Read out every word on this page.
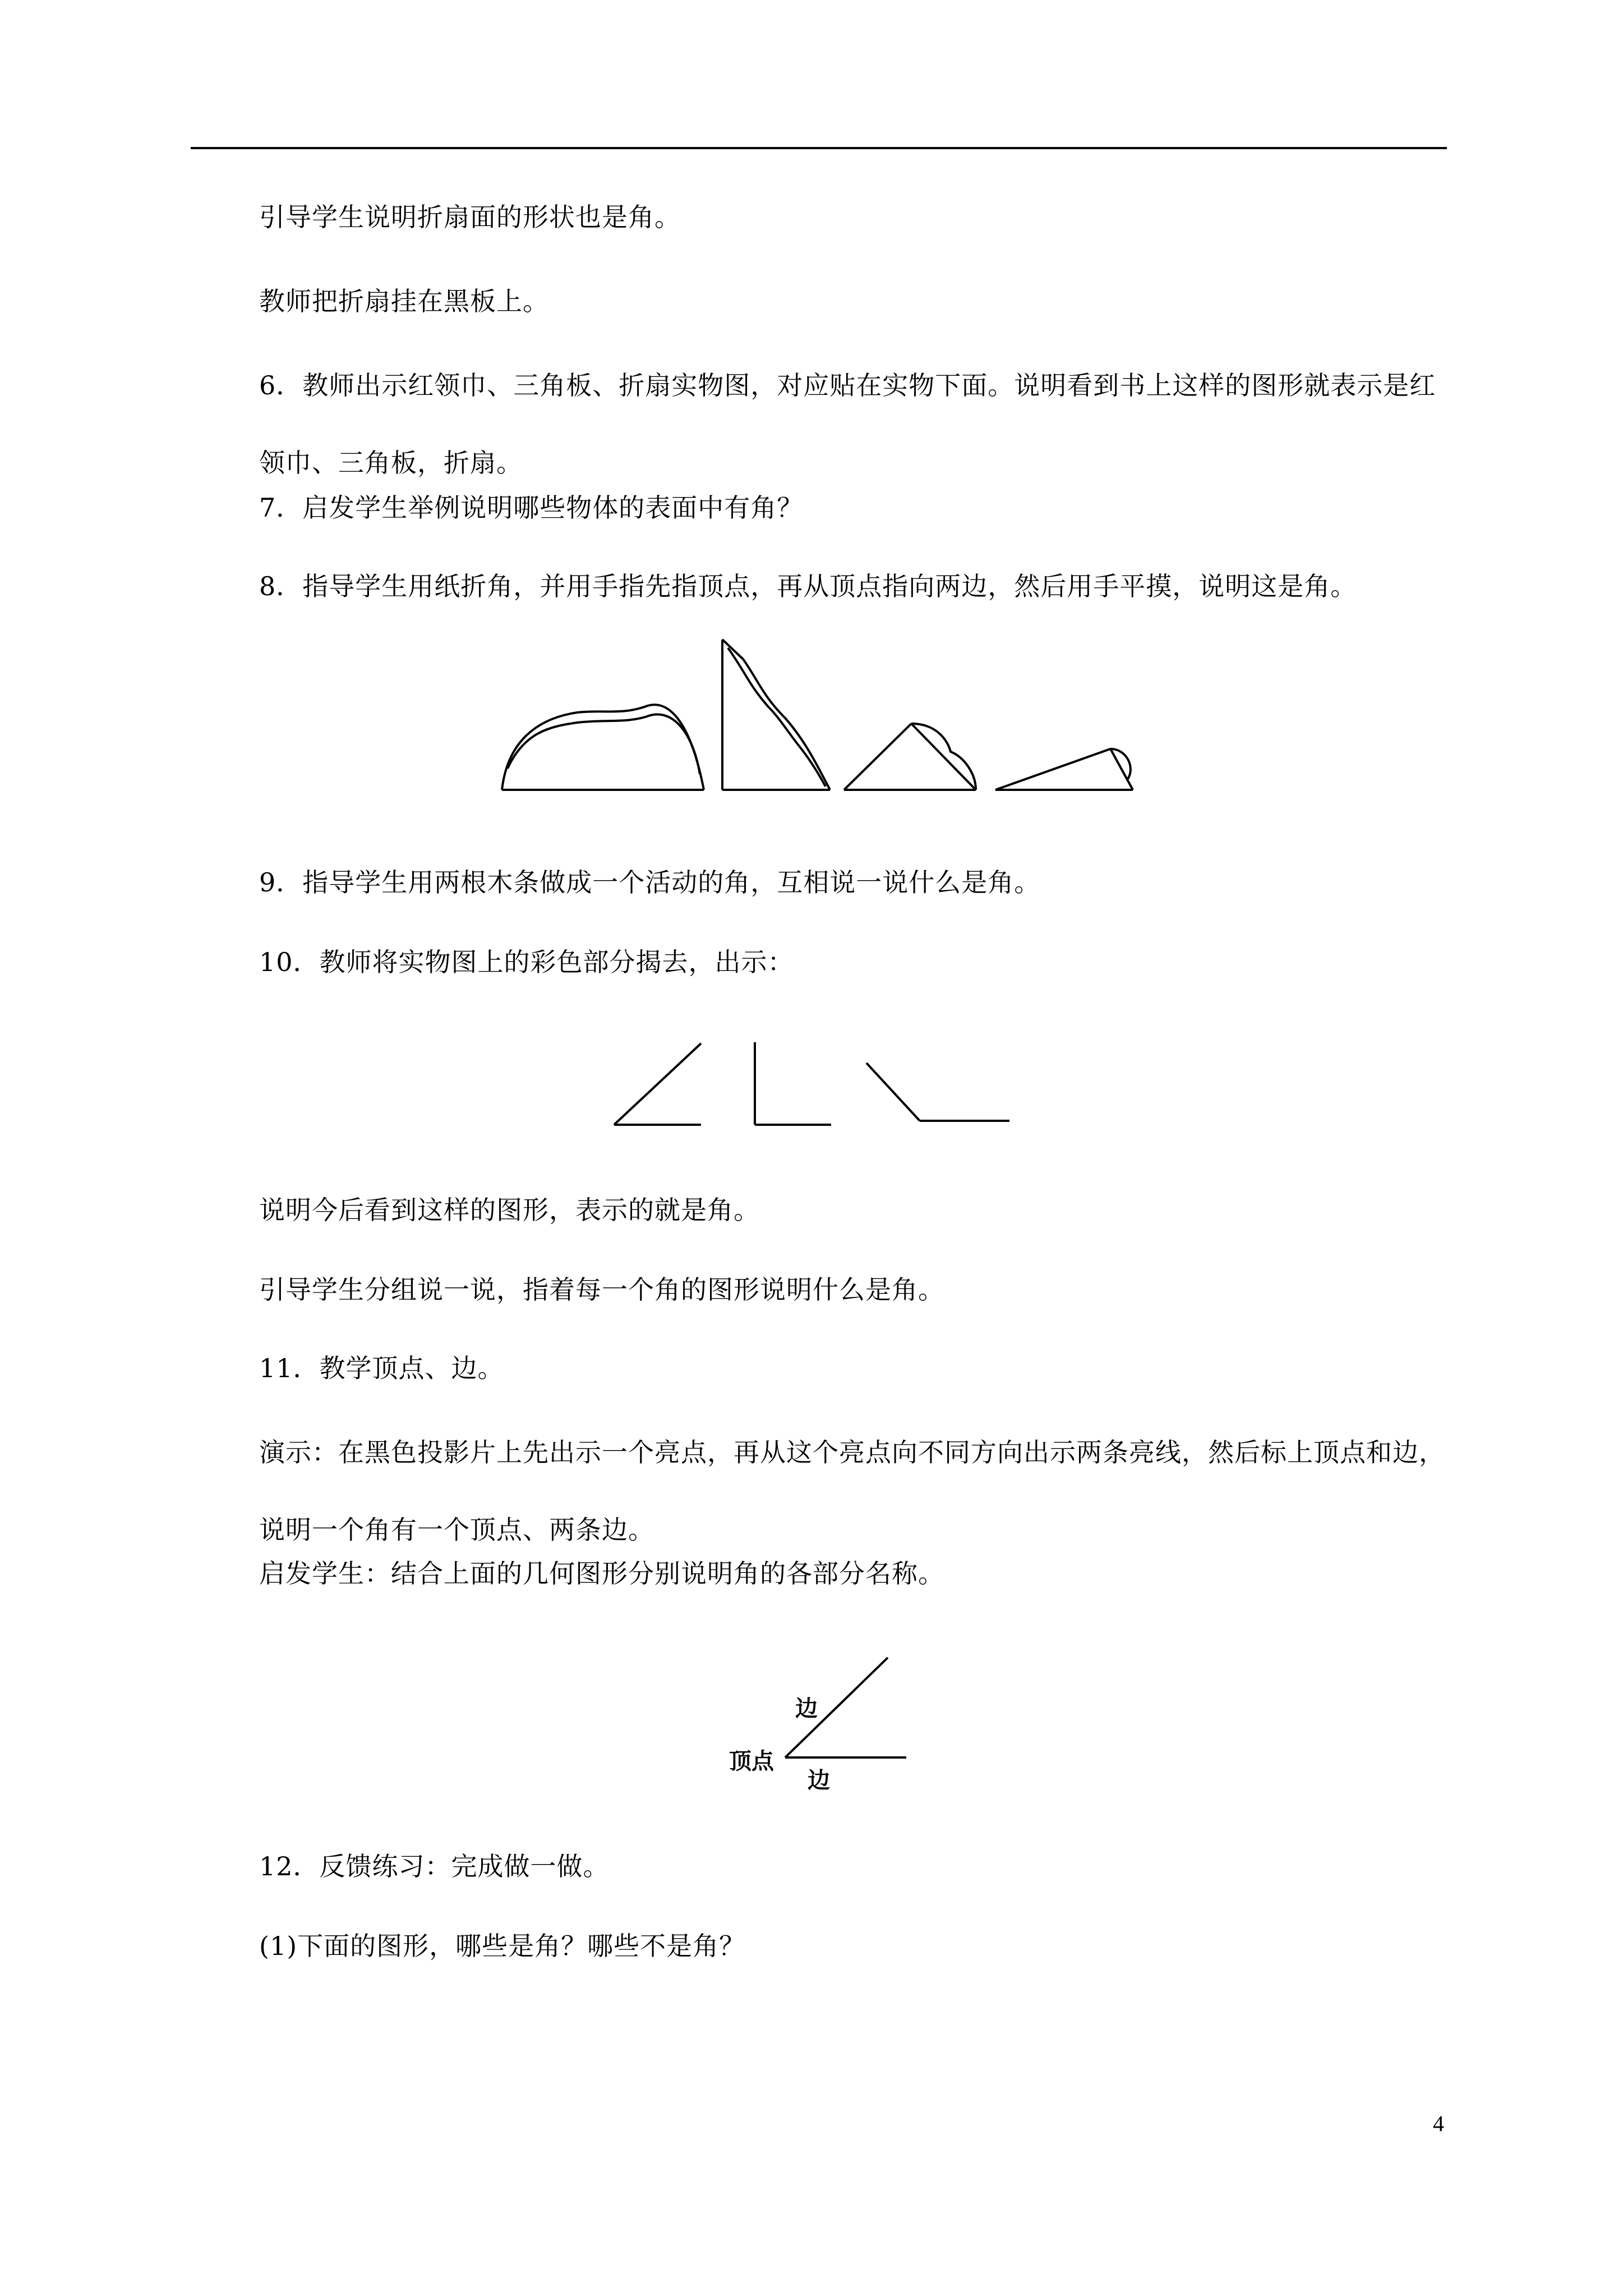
引导学生说明折扇面的形状也是角。
教师把折扇挂在黑板上。
6．教师出示红领巾、三角板、折扇实物图，对应贴在实物下面。说明看到书上这样的图形就表示是红领巾、三角板，折扇。
7．启发学生举例说明哪些物体的表面中有角？
8．指导学生用纸折角，并用手指先指顶点，再从顶点指向两边，然后用手平摸，说明这是角。
9．指导学生用两根木条做成一个活动的角，互相说一说什么是角。
10．教师将实物图上的彩色部分揭去，出示：
说明今后看到这样的图形，表示的就是角。
引导学生分组说一说，指着每一个角的图形说明什么是角。
11．教学顶点、边。
演示：在黑色投影片上先出示一个亮点，再从这个亮点向不同方向出示两条亮线，然后标上顶点和边，说明一个角有一个顶点、两条边。
启发学生：结合上面的几何图形分别说明角的各部分名称。
顶点
边
边
12．反馈练习：完成做一做。
(1)下面的图形，哪些是角？哪些不是角？
4
